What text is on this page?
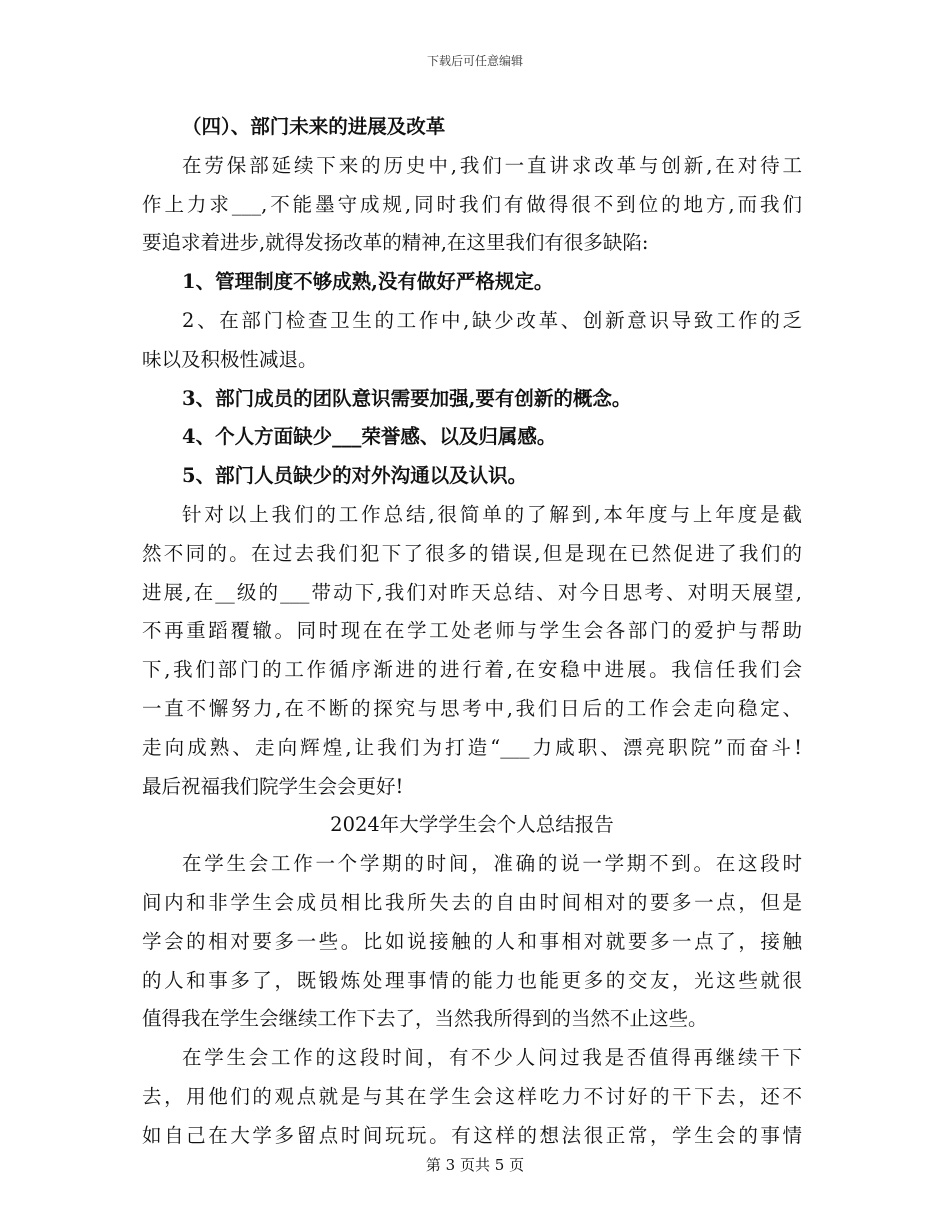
下载后可任意编辑
（四）、部门未来的进展及改革
在劳保部延续下来的历史中,我们一直讲求改革与创新,在对待工
作上力求___,不能墨守成规,同时我们有做得很不到位的地方,而我们
要追求着进步,就得发扬改革的精神,在这里我们有很多缺陷:
1、管理制度不够成熟,没有做好严格规定。
2、在部门检查卫生的工作中,缺少改革、创新意识导致工作的乏
味以及积极性减退。
3、部门成员的团队意识需要加强,要有创新的概念。
4、个人方面缺少___荣誉感、以及归属感。
5、部门人员缺少的对外沟通以及认识。
针对以上我们的工作总结,很简单的了解到,本年度与上年度是截
然不同的。在过去我们犯下了很多的错误,但是现在已然促进了我们的
进展,在__级的___带动下,我们对昨天总结、对今日思考、对明天展望,
不再重蹈覆辙。同时现在在学工处老师与学生会各部门的爱护与帮助
下,我们部门的工作循序渐进的进行着,在安稳中进展。我信任我们会
一直不懈努力,在不断的探究与思考中,我们日后的工作会走向稳定、
走向成熟、走向辉煌,让我们为打造“___力咸职、漂亮职院”而奋斗!
最后祝福我们院学生会会更好!
2024年大学学生会个人总结报告
在学生会工作一个学期的时间，准确的说一学期不到。在这段时
间内和非学生会成员相比我所失去的自由时间相对的要多一点，但是
学会的相对要多一些。比如说接触的人和事相对就要多一点了，接触
的人和事多了，既锻炼处理事情的能力也能更多的交友，光这些就很
值得我在学生会继续工作下去了，当然我所得到的当然不止这些。
在学生会工作的这段时间，有不少人问过我是否值得再继续干下
去，用他们的观点就是与其在学生会这样吃力不讨好的干下去，还不
如自己在大学多留点时间玩玩。有这样的想法很正常，学生会的事情
第 3 页共 5 页
